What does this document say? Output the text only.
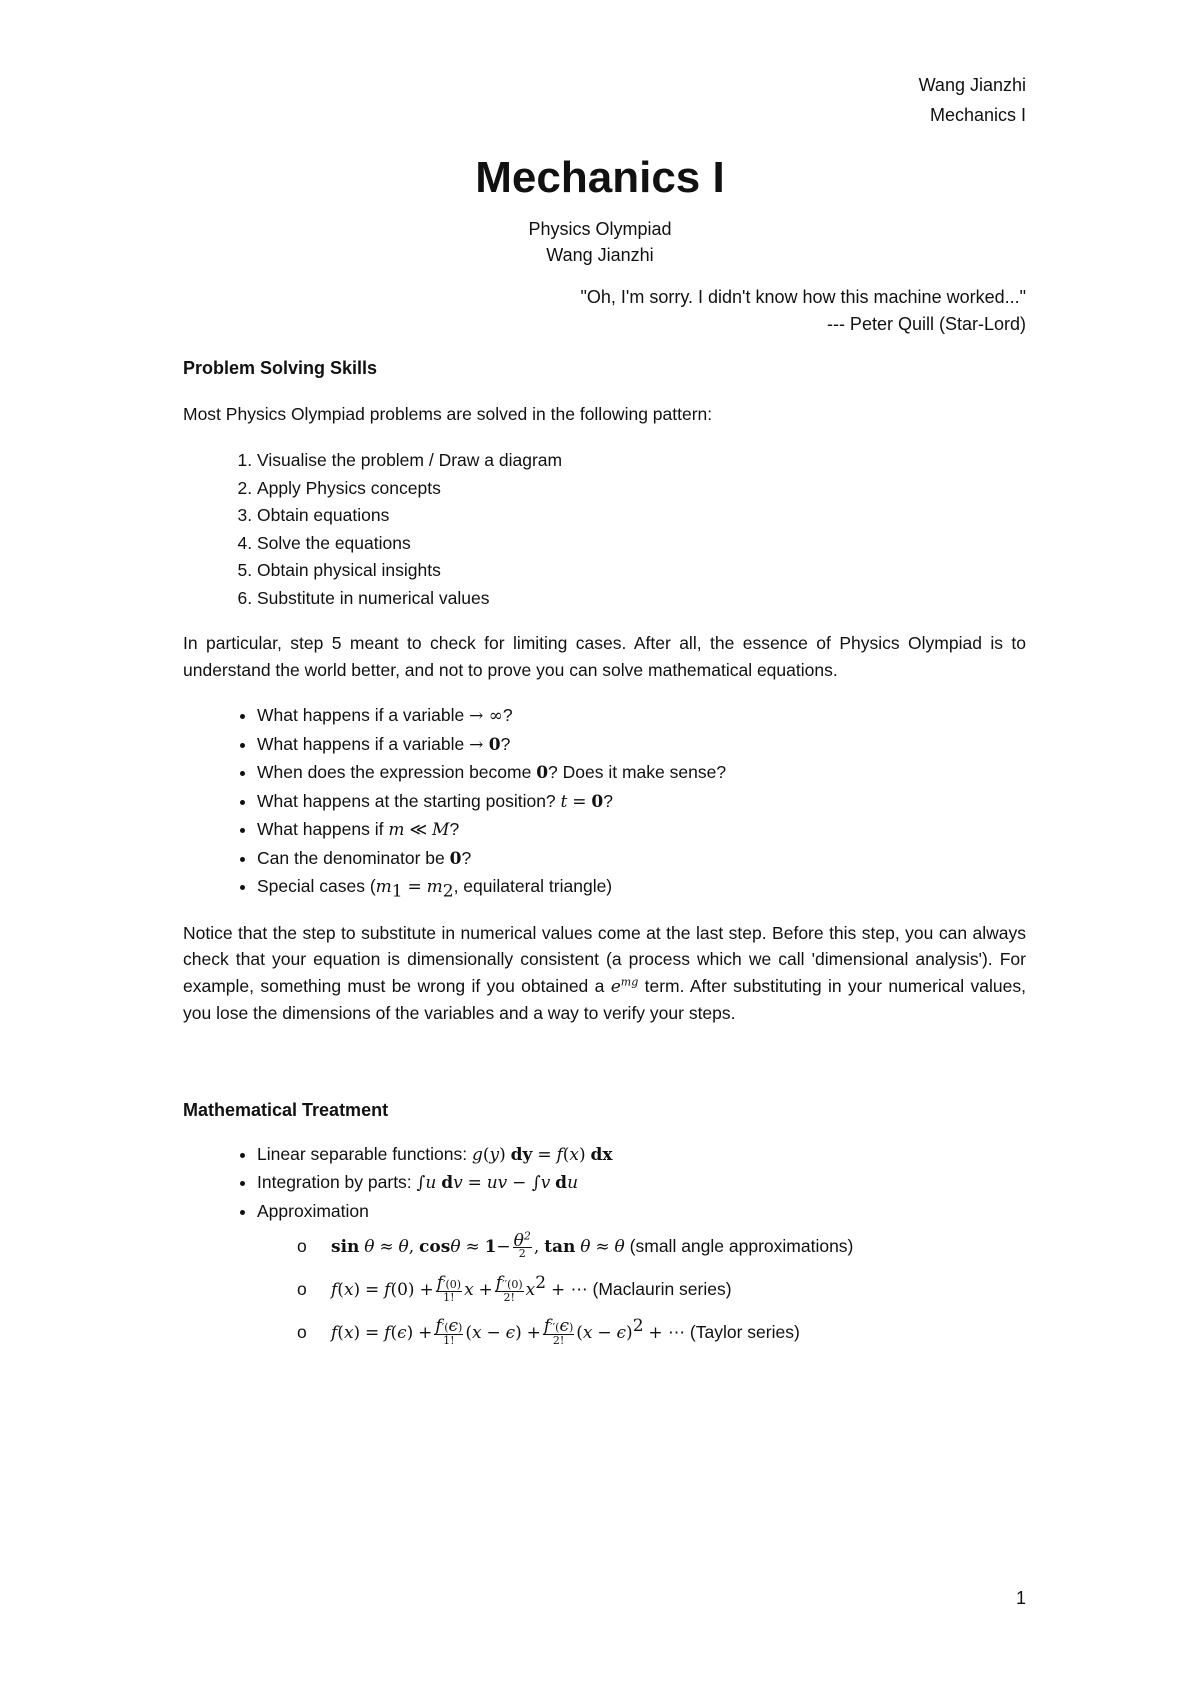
Wang Jianzhi
Mechanics I
Mechanics I
Physics Olympiad
Wang Jianzhi
"Oh, I'm sorry. I didn't know how this machine worked..."
--- Peter Quill (Star-Lord)
Problem Solving Skills

Most Physics Olympiad problems are solved in the following pattern:

1. Visualise the problem / Draw a diagram
2. Apply Physics concepts
3. Obtain equations
4. Solve the equations
5. Obtain physical insights
6. Substitute in numerical values

In particular, step 5 meant to check for limiting cases. After all, the essence of Physics Olympiad is to understand the world better, and not to prove you can solve mathematical equations.

• What happens if a variable → ∞?
• What happens if a variable → 0?
• When does the expression become 0? Does it make sense?
• What happens at the starting position? t = 0?
• What happens if m ≪ M?
• Can the denominator be 0?
• Special cases ($m_1 = m_2$, equilateral triangle)

Notice that the step to substitute in numerical values come at the last step. Before this step, you can always check that your equation is dimensionally consistent (a process which we call 'dimensional analysis'). For example, something must be wrong if you obtained a $e^{mg}$ term. After substituting in your numerical values, you lose the dimensions of the variables and a way to verify your steps.

Mathematical Treatment
• Linear separable functions: g(y) dy = f(x) dx
• Integration by parts: ∫u dv = uv − ∫v du
• Approximation
o sin θ ≈ θ, $\cos\theta \approx 1- \frac{\theta^2}{2}$ , tan θ ≈ θ (small angle approximations)
o $f(x) = f(0) + \frac{f'(0)}{1!}$ $x + \frac{f''(0)}{2!} x^2$ + ⋯ (Maclaurin series)
o $f(x) = f(\epsilon) + \frac{f'(\epsilon)}{1!} (x - \epsilon) + \frac{f''(\epsilon)}{2!} (x - \epsilon)^2$ + ⋯ (Taylor series)
1
